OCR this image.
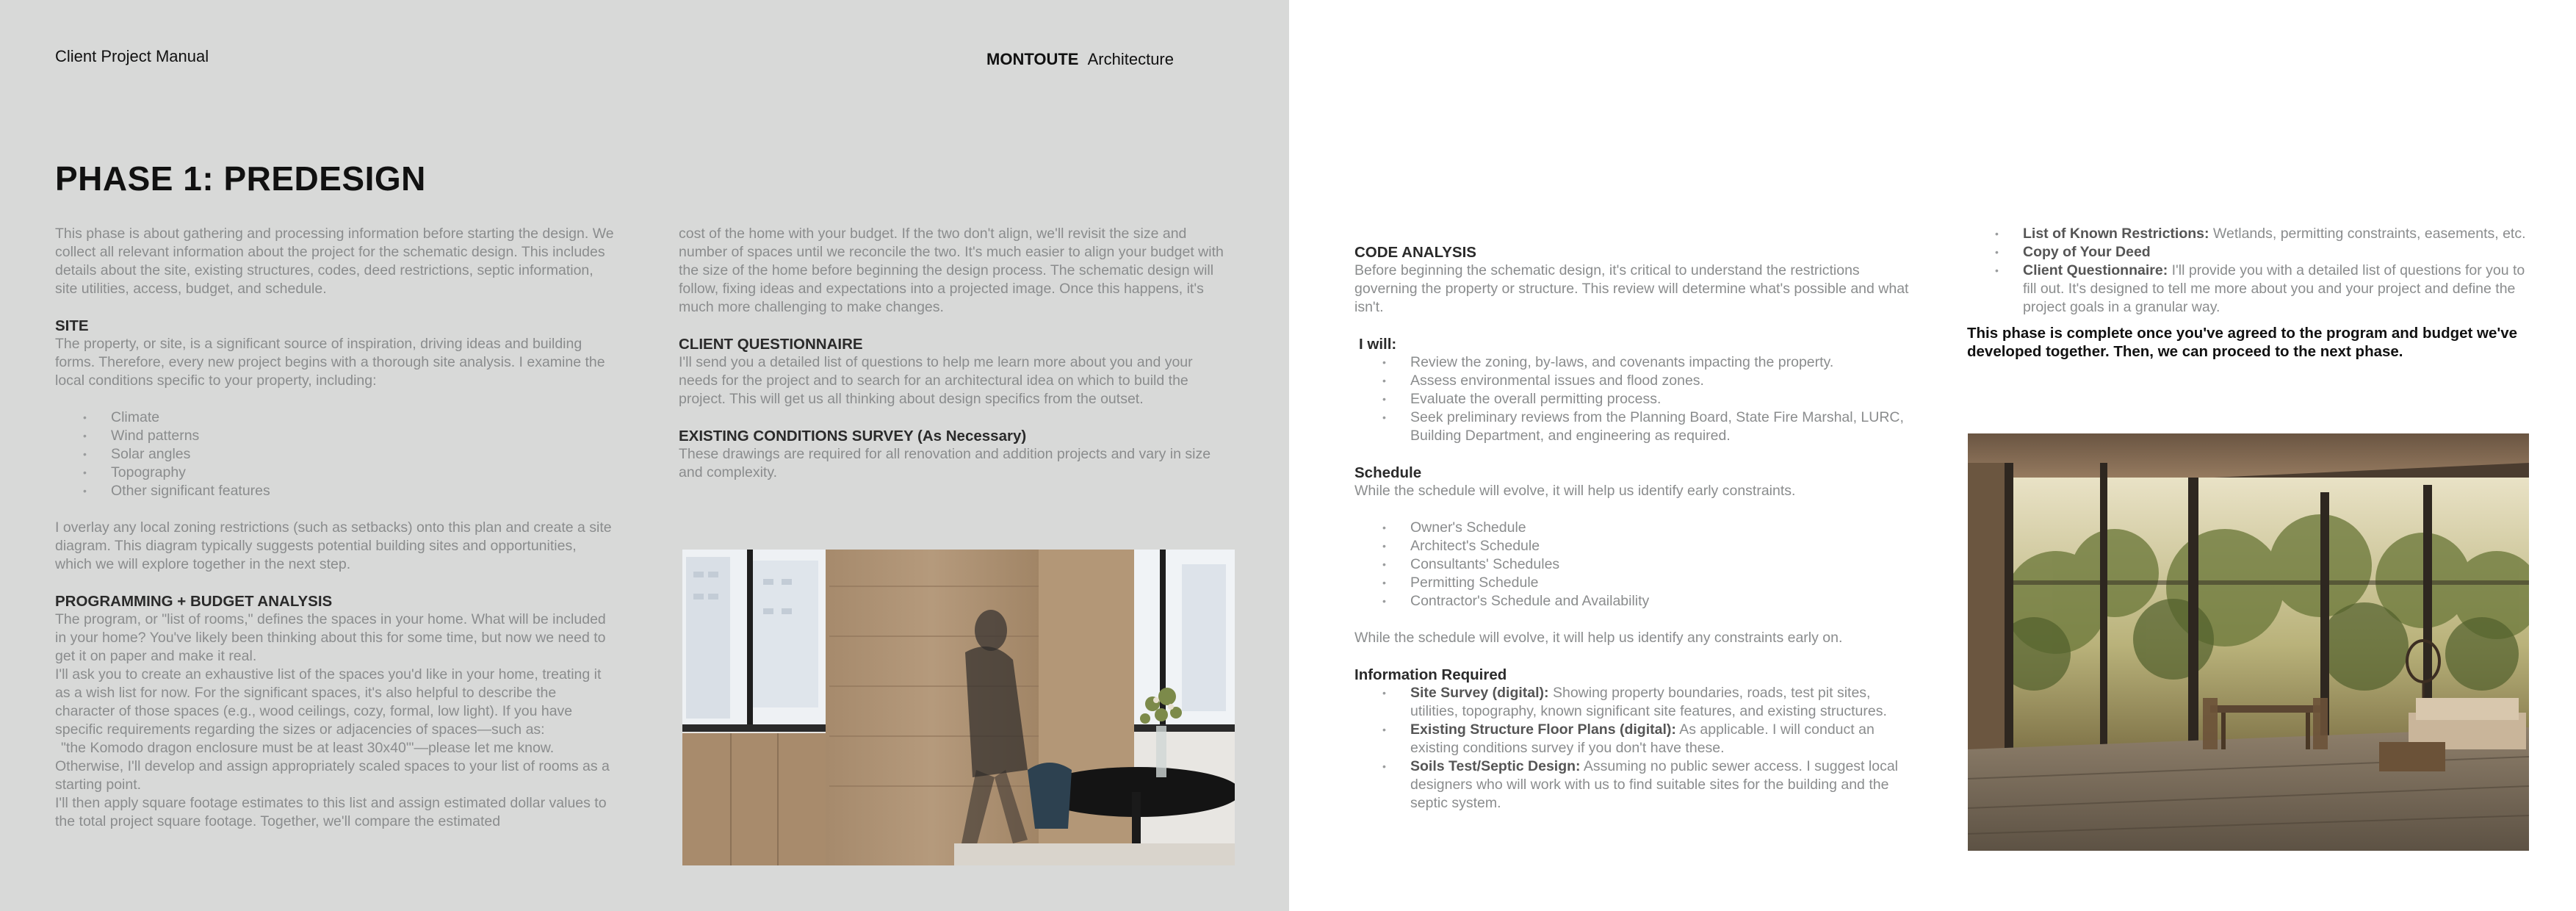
Client Project Manual	MONTOUTE Architecture
PHASE 1: PREDESIGN

This phase is about gathering and processing information before starting the design. We collect all relevant information about the project for the schematic design. This includes details about the site, existing structures, codes, deed restrictions, septic information, site utilities, access, budget, and schedule.

SITE

The property, or site, is a significant source of inspiration, driving ideas and building forms. Therefore, every new project begins with a thorough site analysis. I examine the local conditions specific to your property, including:

• Climate
• Wind patterns
• Solar angles
• Topography
• Other significant features

I overlay any local zoning restrictions (such as setbacks) onto this plan and create a site diagram. This diagram typically suggests potential building sites and opportunities, which we will explore together in the next step.

PROGRAMMING + BUDGET ANALYSIS

The program, or "list of rooms," defines the spaces in your home. What will be included in your home? You've likely been thinking about this for some time, but now we need to get it on paper and make it real.

I'll ask you to create an exhaustive list of the spaces you'd like in your home, treating it as a wish list for now. For the significant spaces, it's also helpful to describe the character of those spaces (e.g., wood ceilings, cozy, formal, low light). If you have specific requirements regarding the sizes or adjacencies of spaces—such as:

"the Komodo dragon enclosure must be at least 30x40'"—please let me know.

Otherwise, I'll develop and assign appropriately scaled spaces to your list of rooms as a starting point.

I'll then apply square footage estimates to this list and assign estimated dollar values to the total project square footage. Together, we'll compare the estimated

cost of the home with your budget. If the two don't align, we'll revisit the size and number of spaces until we reconcile the two. It's much easier to align your budget with the size of the home before beginning the design process. The schematic design will follow, fixing ideas and expectations into a projected image. Once this happens, it's much more challenging to make changes.

CLIENT QUESTIONNAIRE

I'll send you a detailed list of questions to help me learn more about you and your needs for the project and to search for an architectural idea on which to build the project. This will get us all thinking about design specifics from the outset.

EXISTING CONDITIONS SURVEY (As Necessary)

These drawings are required for all renovation and addition projects and vary in size and complexity.

CODE ANALYSIS

Before beginning the schematic design, it's critical to understand the restrictions governing the property or structure. This review will determine what's possible and what isn't.

I will:

• Review the zoning, by-laws, and covenants impacting the property.
• Assess environmental issues and flood zones.
• Evaluate the overall permitting process.
• Seek preliminary reviews from the Planning Board, State Fire Marshal, LURC, Building Department, and engineering as required.

Schedule

While the schedule will evolve, it will help us identify early constraints.

• Owner's Schedule
• Architect's Schedule
• Consultants' Schedules
• Permitting Schedule
• Contractor's Schedule and Availability

While the schedule will evolve, it will help us identify any constraints early on.

Information Required

• Site Survey (digital): Showing property boundaries, roads, test pit sites, utilities, topography, known significant site features, and existing structures.
• Existing Structure Floor Plans (digital): As applicable. I will conduct an existing conditions survey if you don't have these.
• Soils Test/Septic Design: Assuming no public sewer access. I suggest local designers who will work with us to find suitable sites for the building and the septic system.
• List of Known Restrictions: Wetlands, permitting constraints, easements, etc.
• Copy of Your Deed
• Client Questionnaire: I'll provide you with a detailed list of questions for you to fill out. It's designed to tell me more about you and your project and define the project goals in a granular way.

This phase is complete once you've agreed to the program and budget we've developed together. Then, we can proceed to the next phase.
